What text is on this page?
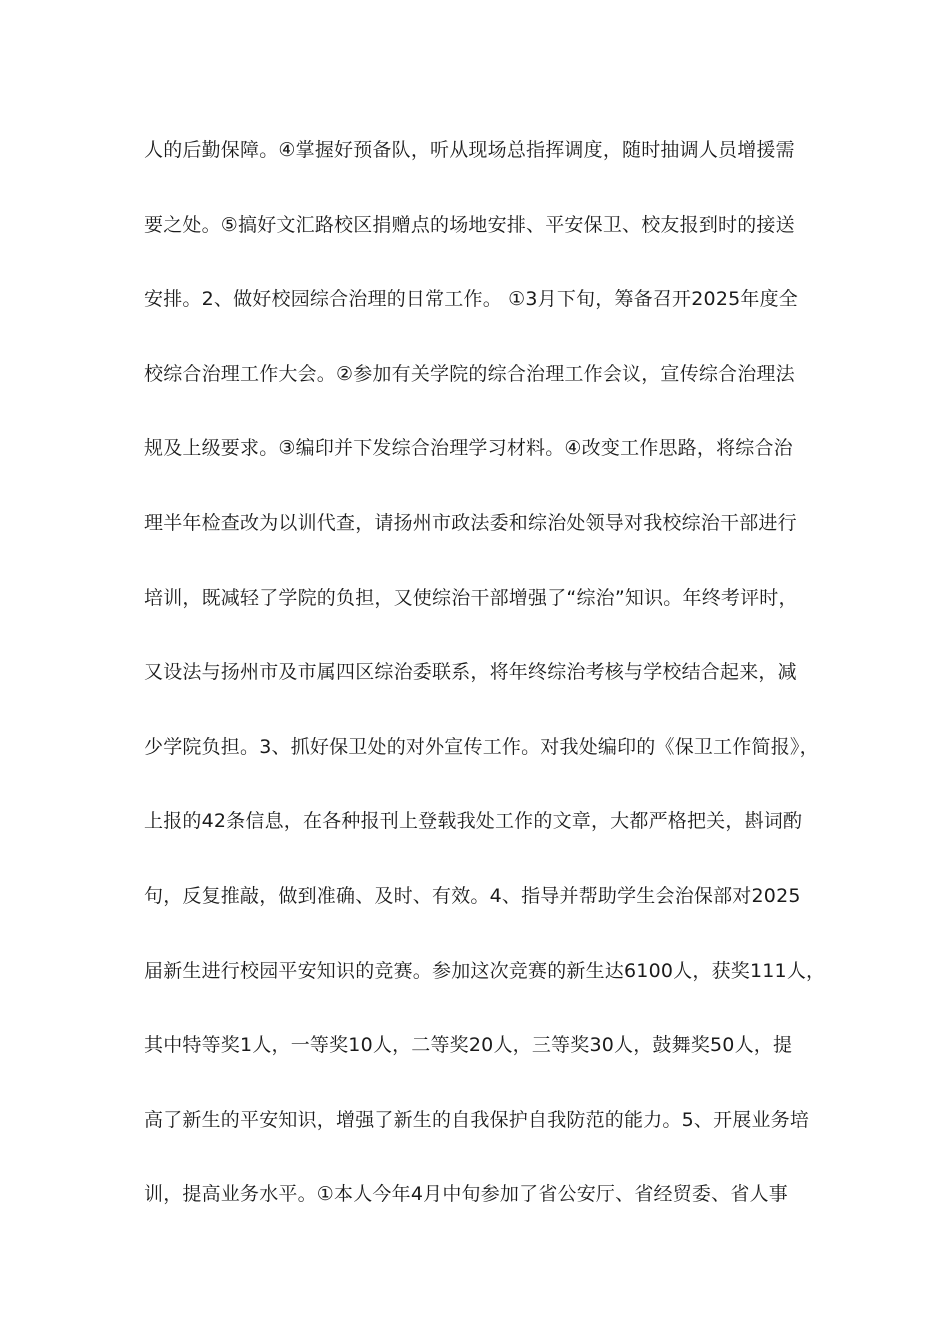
人的后勤保障。④掌握好预备队，听从现场总指挥调度，随时抽调人员增援需
要之处。⑤搞好文汇路校区捐赠点的场地安排、平安保卫、校友报到时的接送
安排。2、做好校园综合治理的日常工作。 ①3月下旬，筹备召开2025年度全
校综合治理工作大会。②参加有关学院的综合治理工作会议，宣传综合治理法
规及上级要求。③编印并下发综合治理学习材料。④改变工作思路，将综合治
理半年检查改为以训代查，请扬州市政法委和综治处领导对我校综治干部进行
培训，既减轻了学院的负担，又使综治干部增强了“综治”知识。年终考评时，
又设法与扬州市及市属四区综治委联系，将年终综治考核与学校结合起来，减
少学院负担。3、抓好保卫处的对外宣传工作。对我处编印的《保卫工作简报》，
上报的42条信息，在各种报刊上登载我处工作的文章，大都严格把关，斟词酌
句，反复推敲，做到准确、及时、有效。4、指导并帮助学生会治保部对2025
届新生进行校园平安知识的竞赛。参加这次竞赛的新生达6100人，获奖111人，
其中特等奖1人，一等奖10人，二等奖20人，三等奖30人，鼓舞奖50人，提
高了新生的平安知识，增强了新生的自我保护自我防范的能力。5、开展业务培
训，提高业务水平。①本人今年4月中旬参加了省公安厅、省经贸委、省人事
